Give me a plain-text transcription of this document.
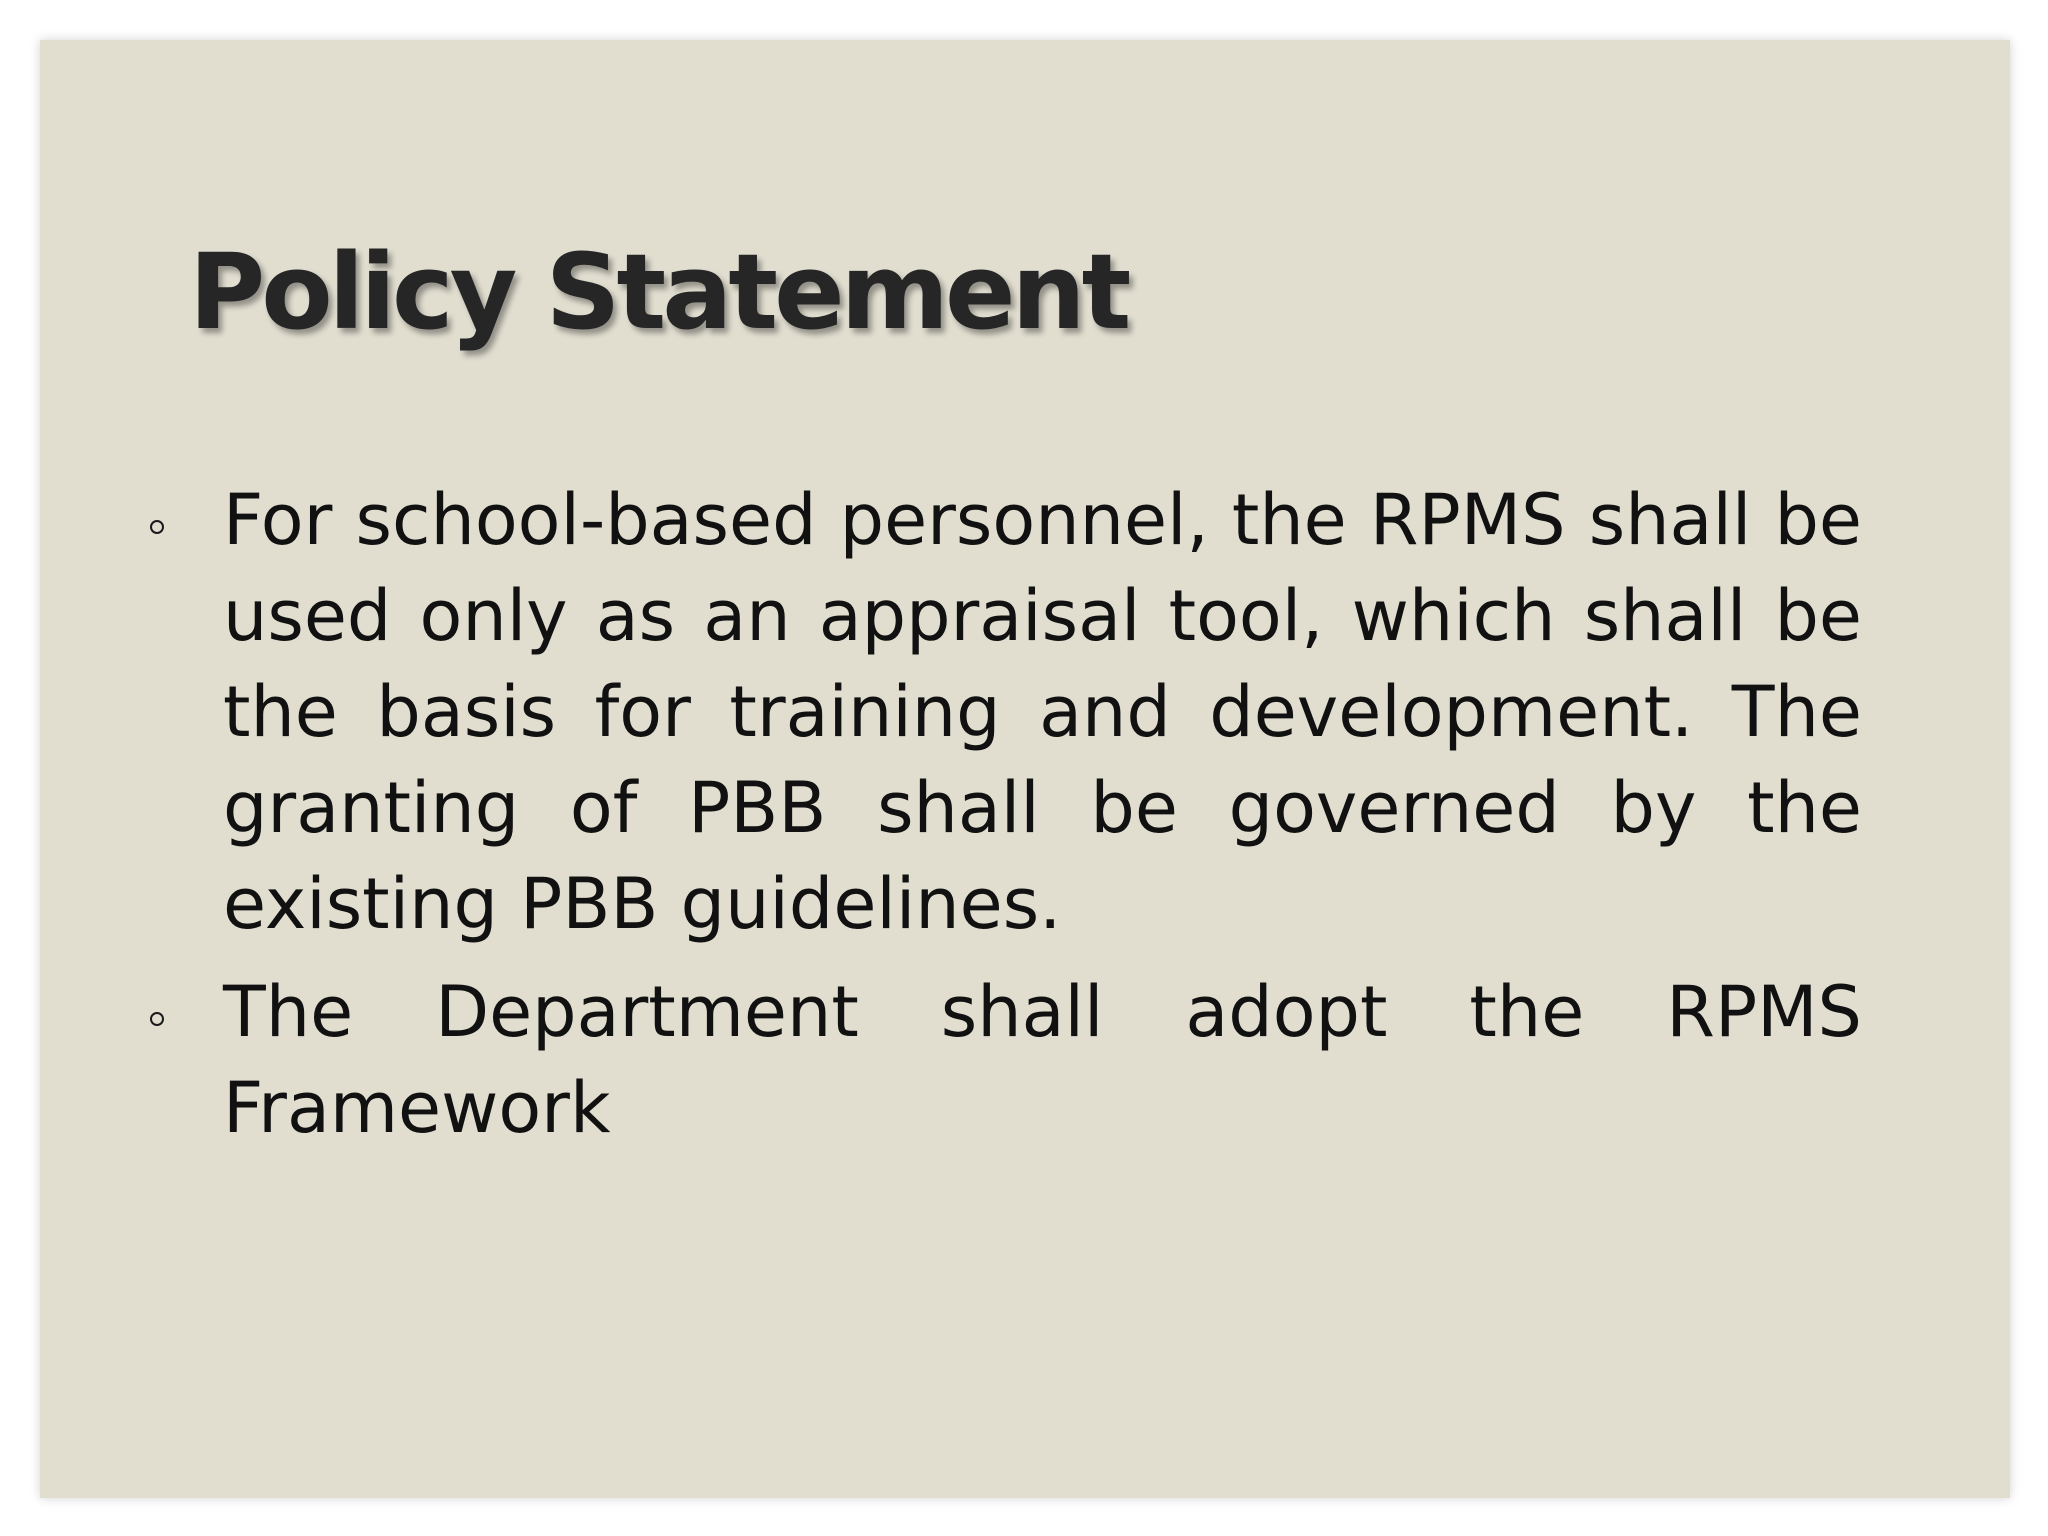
Policy Statement
For school-based personnel, the RPMS shall be used only as an appraisal tool, which shall be the basis for training and development. The granting of PBB shall be governed by the existing PBB guidelines.
The Department shall adopt the RPMS Framework
